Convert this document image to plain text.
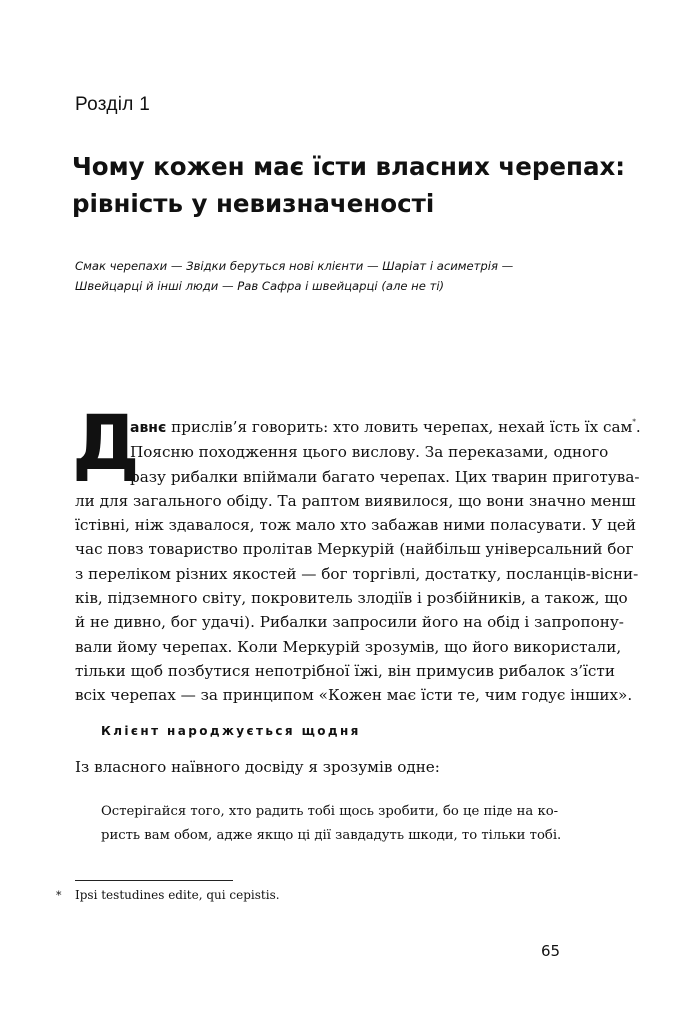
Розділ 1
Чому кожен має їсти власних черепах:
рівність у невизначеності
Смак черепахи — Звідки беруться нові клієнти — Шаріат і асиметрія —
Швейцарці й інші люди — Рав Сафра і швейцарці (але не ті)
Д
авнє прислів’я говорить: хто ловить черепах, нехай їсть їх сам*.
Поясню походження цього вислову. За переказами, одного
разу рибалки впіймали багато черепах. Цих тварин приготува-
ли для загального обіду. Та раптом виявилося, що вони значно менш
їстівні, ніж здавалося, тож мало хто забажав ними поласувати. У цей
час повз товариство пролітав Меркурій (найбільш універсальний бог
з переліком різних якостей — бог торгівлі, достатку, посланців-вісни-
ків, підземного світу, покровитель злодіїв і розбійників, а також, що
й не дивно, бог удачі). Рибалки запросили його на обід і запропону-
вали йому черепах. Коли Меркурій зрозумів, що його використали,
тільки щоб позбутися непотрібної їжі, він примусив рибалок з’їсти
всіх черепах — за принципом «Кожен має їсти те, чим годує інших».
Клієнт народжується щодня
Із власного наївного досвіду я зрозумів одне:
Остерігайся того, хто радить тобі щось зробити, бо це піде на ко-
ристь вам обом, адже якщо ці дії завдадуть шкоди, то тільки тобі.
* Ipsi testudines edite, qui cepistis.
65
